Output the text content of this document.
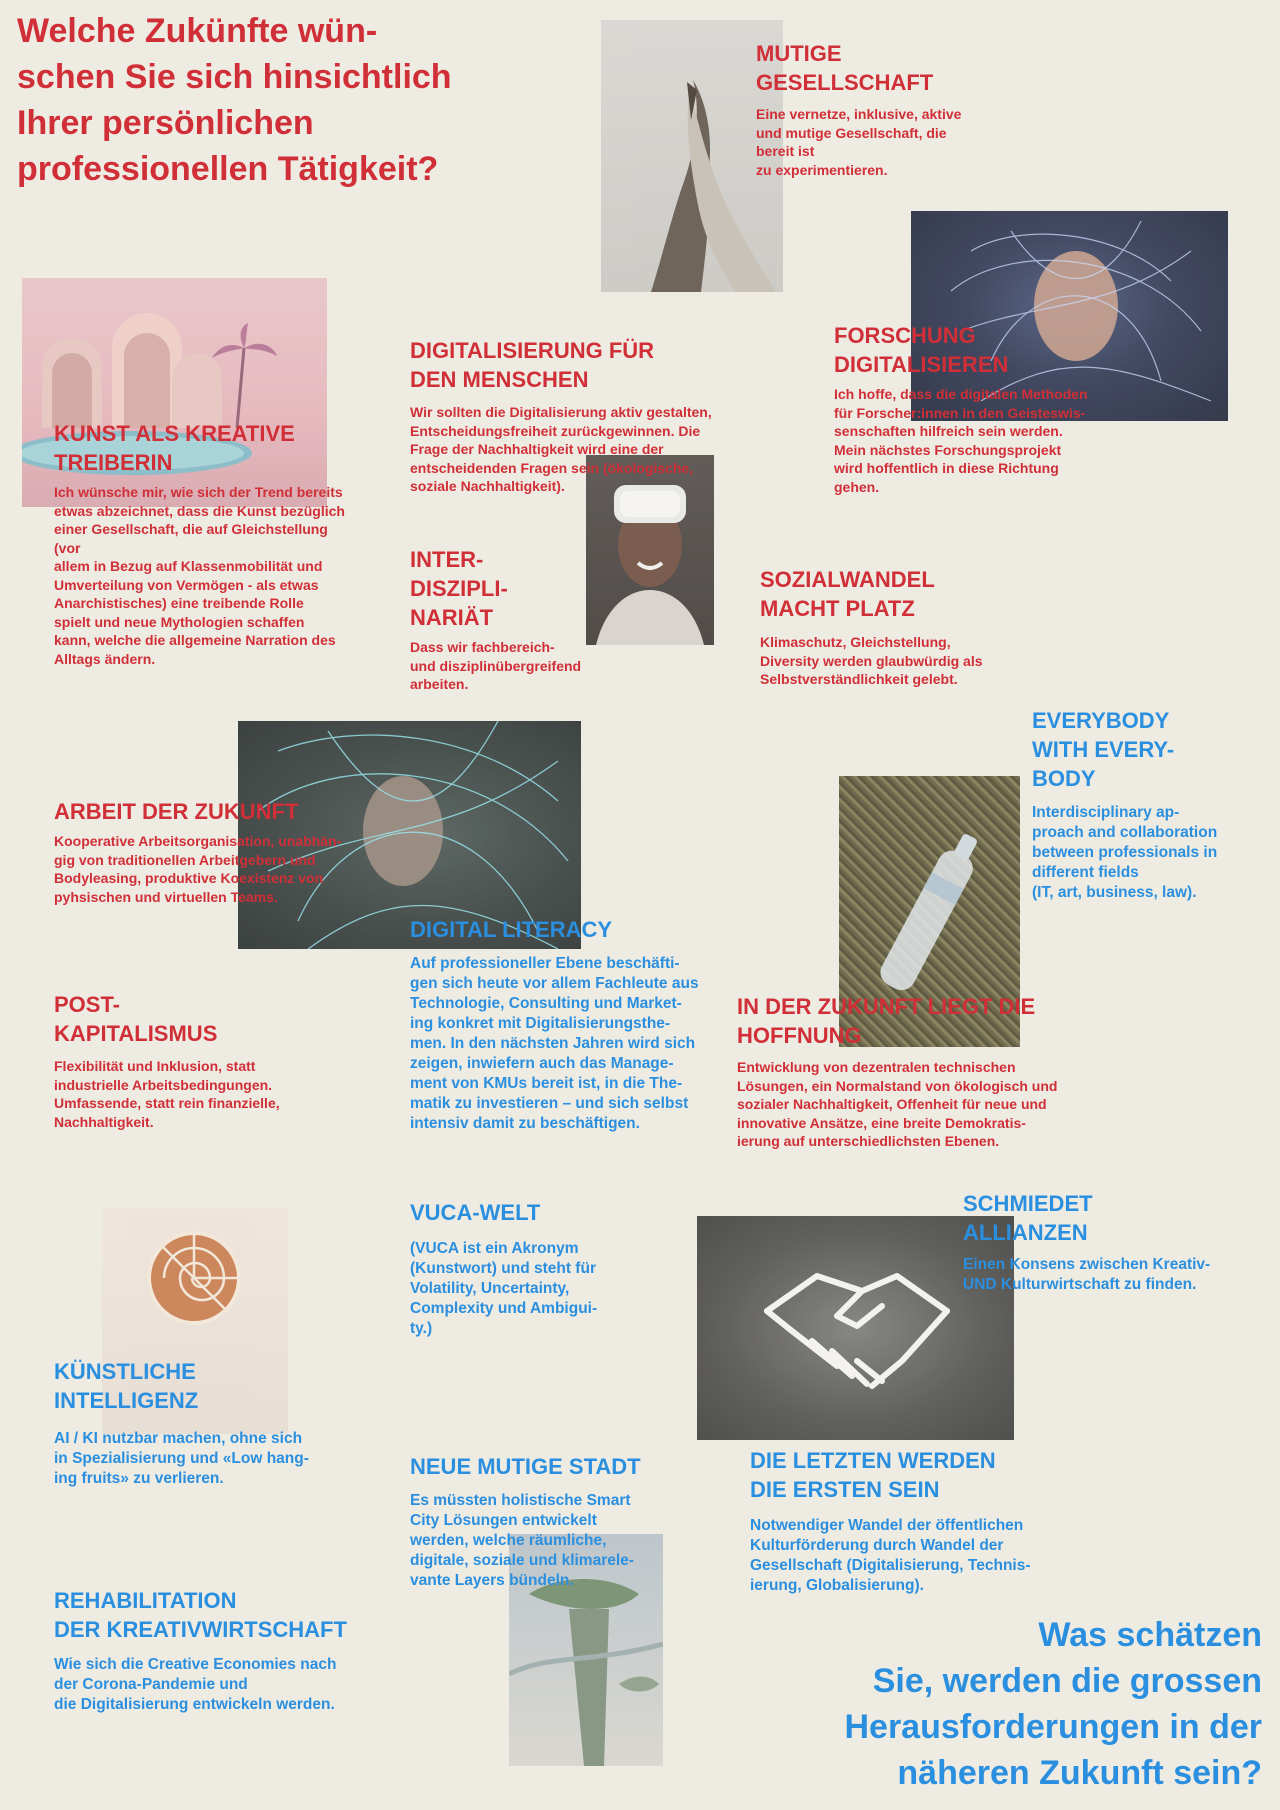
Welche Zukünfte wün-
schen Sie sich hinsichtlich
Ihrer persönlichen
professionellen Tätigkeit?
MUTIGE
GESELLSCHAFT
Eine vernetze, inklusive, aktive
und mutige Gesellschaft, die
bereit ist
zu experimentieren.
FORSCHUNG
DIGITALISIEREN
Ich hoffe, dass die digitalen Methoden
für Forscher:innen in den Geisteswis-
senschaften hilfreich sein werden.
Mein nächstes Forschungsprojekt
wird hoffentlich in diese Richtung
gehen.
DIGITALISIERUNG FÜR
DEN MENSCHEN
Wir sollten die Digitalisierung aktiv gestalten,
Entscheidungsfreiheit zurückgewinnen. Die
Frage der Nachhaltigkeit wird eine der
entscheidenden Fragen sein (ökologische,
soziale Nachhaltigkeit).
KUNST ALS KREATIVE
TREIBERIN
Ich wünsche mir, wie sich der Trend bereits
etwas abzeichnet, dass die Kunst bezüglich
einer Gesellschaft, die auf Gleichstellung (vor
allem in Bezug auf Klassenmobilität und
Umverteilung von Vermögen - als etwas
Anarchistisches) eine treibende Rolle
spielt und neue Mythologien schaffen
kann, welche die allgemeine Narration des
Alltags ändern.
INTER-
DISZIPLI-
NARIÄT
Dass wir fachbereich-
und disziplinübergreifend
arbeiten.
SOZIALWANDEL
MACHT PLATZ
Klimaschutz, Gleichstellung,
Diversity werden glaubwürdig als
Selbstverständlichkeit gelebt.
EVERYBODY
WITH EVERY-
BODY
Interdisciplinary ap-
proach and collaboration
between professionals in
different fields
(IT, art, business, law).
ARBEIT DER ZUKUNFT
Kooperative Arbeitsorganisation, unabhän-
gig von traditionellen Arbeitgebern und
Bodyleasing, produktive Koexistenz von
pyhsischen und virtuellen Teams.
DIGITAL LITERACY
Auf professioneller Ebene beschäfti-
gen sich heute vor allem Fachleute aus
Technologie, Consulting und Market-
ing konkret mit Digitalisierungsthe-
men. In den nächsten Jahren wird sich
zeigen, inwiefern auch das Manage-
ment von KMUs bereit ist, in die The-
matik zu investieren – und sich selbst
intensiv damit zu beschäftigen.
POST-
KAPITALISMUS
Flexibilität und Inklusion, statt
industrielle Arbeitsbedingungen.
Umfassende, statt rein finanzielle,
Nachhaltigkeit.
IN DER ZUKUNFT LIEGT DIE
HOFFNUNG
Entwicklung von dezentralen technischen
Lösungen, ein Normalstand von ökologisch und
sozialer Nachhaltigkeit, Offenheit für neue und
innovative Ansätze, eine breite Demokratis-
ierung auf unterschiedlichsten Ebenen.
VUCA-WELT
(VUCA ist ein Akronym
(Kunstwort) und steht für
Volatility, Uncertainty,
Complexity und Ambigui-
ty.)
SCHMIEDET
ALLIANZEN
Einen Konsens zwischen Kreativ-
UND Kulturwirtschaft zu finden.
KÜNSTLICHE
INTELLIGENZ
AI / KI nutzbar machen, ohne sich
in Spezialisierung und «Low hang-
ing fruits» zu verlieren.	NEUE MUTIGE STADT
Es müssten holistische Smart
City Lösungen entwickelt
werden, welche räumliche,
digitale, soziale und klimarele-
vante Layers bündeln.
DIE LETZTEN WERDEN
DIE ERSTEN SEIN
Notwendiger Wandel der öffentlichen
Kulturförderung durch Wandel der
Gesellschaft (Digitalisierung, Technis-
ierung, Globalisierung).
REHABILITATION
DER KREATIVWIRTSCHAFT
Wie sich die Creative Economies nach
der Corona-Pandemie und
die Digitalisierung entwickeln werden.
Was schätzen
Sie, werden die grossen
Herausforderungen in der
näheren Zukunft sein?
